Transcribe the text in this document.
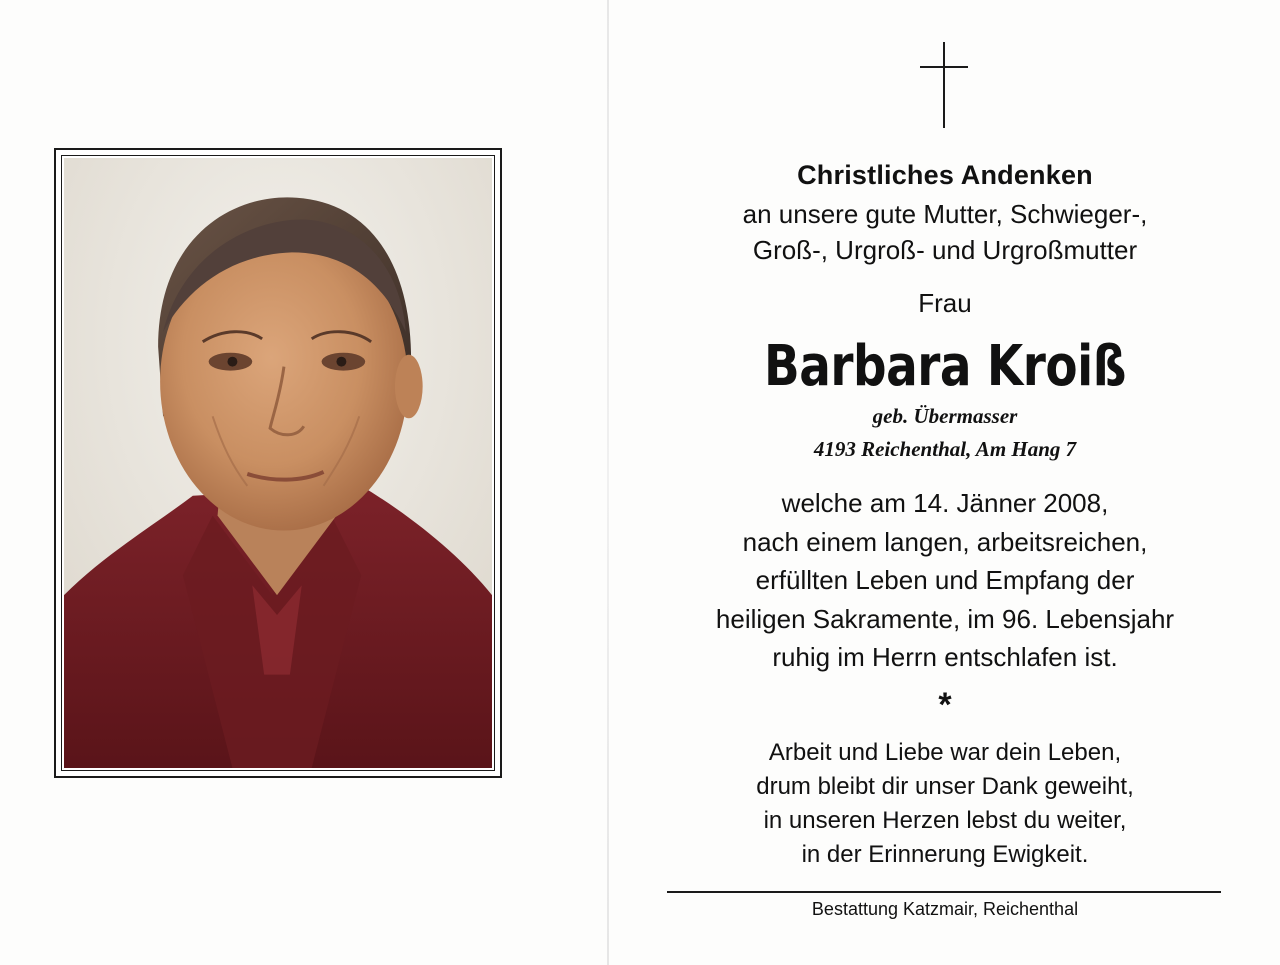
Christliches Andenken
an unsere gute Mutter, Schwieger-,
Groß-, Urgroß- und Urgroßmutter
Frau
Barbara Kroiß
geb. Übermasser
4193 Reichenthal, Am Hang 7
welche am 14. Jänner 2008,
nach einem langen, arbeitsreichen,
erfüllten Leben und Empfang der
heiligen Sakramente, im 96. Lebensjahr
ruhig im Herrn entschlafen ist.
*
Arbeit und Liebe war dein Leben,
drum bleibt dir unser Dank geweiht,
in unseren Herzen lebst du weiter,
in der Erinnerung Ewigkeit.
Bestattung Katzmair, Reichenthal
